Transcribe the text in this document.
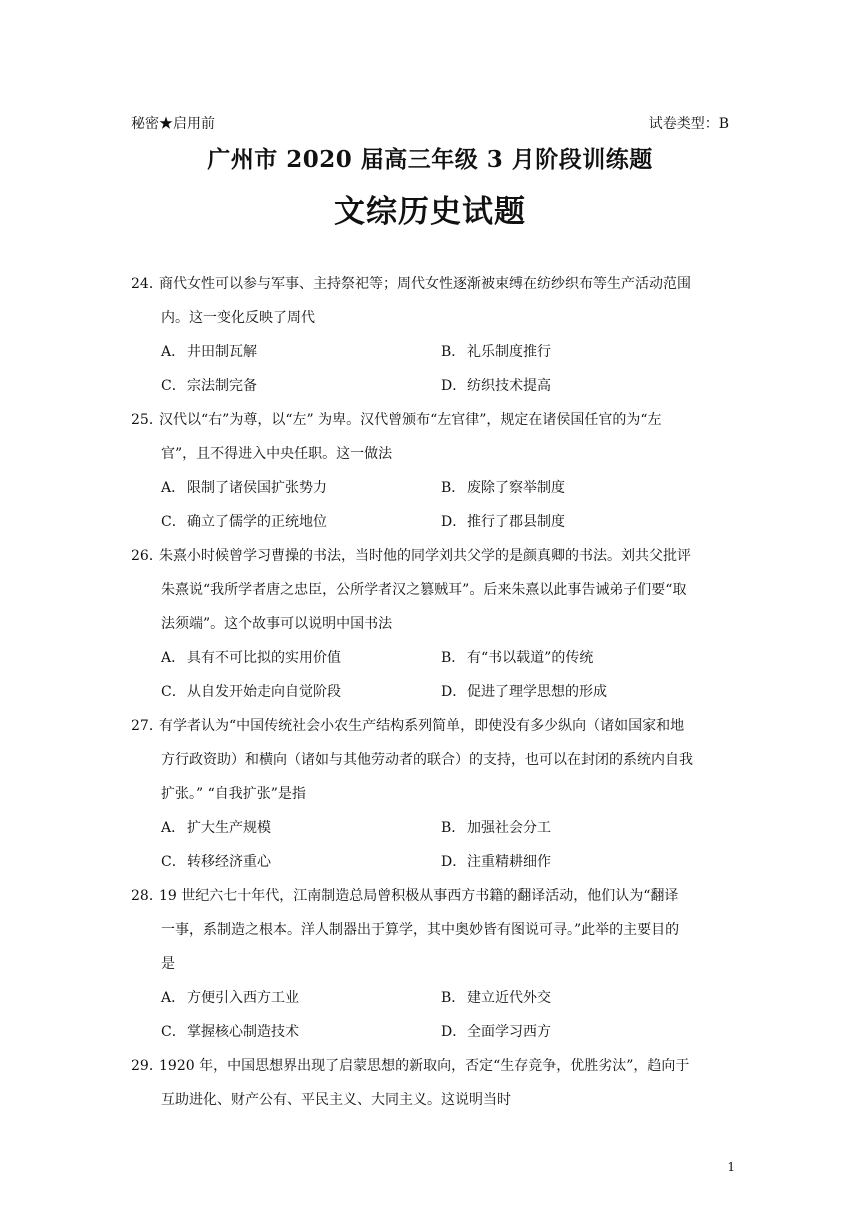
秘密★启用前	试卷类型：B
广州市 2020 届高三年级 3 月阶段训练题
文综历史试题
24．商代女性可以参与军事、主持祭祀等；周代女性逐渐被束缚在纺纱织布等生产活动范围
内。这一变化反映了周代
A． 井田制瓦解	B． 礼乐制度推行
C．宗法制完备	D．纺织技术提高
25．汉代以“右”为尊，以“左” 为卑。汉代曾颁布“左官律”，规定在诸侯国任官的为“左
官”，且不得进入中央任职。这一做法
A． 限制了诸侯国扩张势力	B． 废除了察举制度
C．确立了儒学的正统地位	D．推行了郡县制度
26．朱熹小时候曾学习曹操的书法，当时他的同学刘共父学的是颜真卿的书法。刘共父批评
朱熹说“我所学者唐之忠臣，公所学者汉之篡贼耳”。后来朱熹以此事告诫弟子们要“取
法须端”。这个故事可以说明中国书法
A． 具有不可比拟的实用价值	B． 有“书以载道”的传统
C．从自发开始走向自觉阶段	D．促进了理学思想的形成
27．有学者认为“中国传统社会小农生产结构系列简单，即使没有多少纵向（诸如国家和地
方行政资助）和横向（诸如与其他劳动者的联合）的支持，也可以在封闭的系统内自我
扩张。” “自我扩张”是指
A． 扩大生产规模	B． 加强社会分工
C．转移经济重心	D．注重精耕细作
28．19 世纪六七十年代，江南制造总局曾积极从事西方书籍的翻译活动，他们认为“翻译
一事，系制造之根本。洋人制器出于算学，其中奥妙皆有图说可寻。”此举的主要目的
是
A． 方便引入西方工业	B． 建立近代外交
C．掌握核心制造技术	D．全面学习西方
29．1920 年，中国思想界出现了启蒙思想的新取向，否定“生存竞争，优胜劣汰”，趋向于
互助进化、财产公有、平民主义、大同主义。这说明当时
1
